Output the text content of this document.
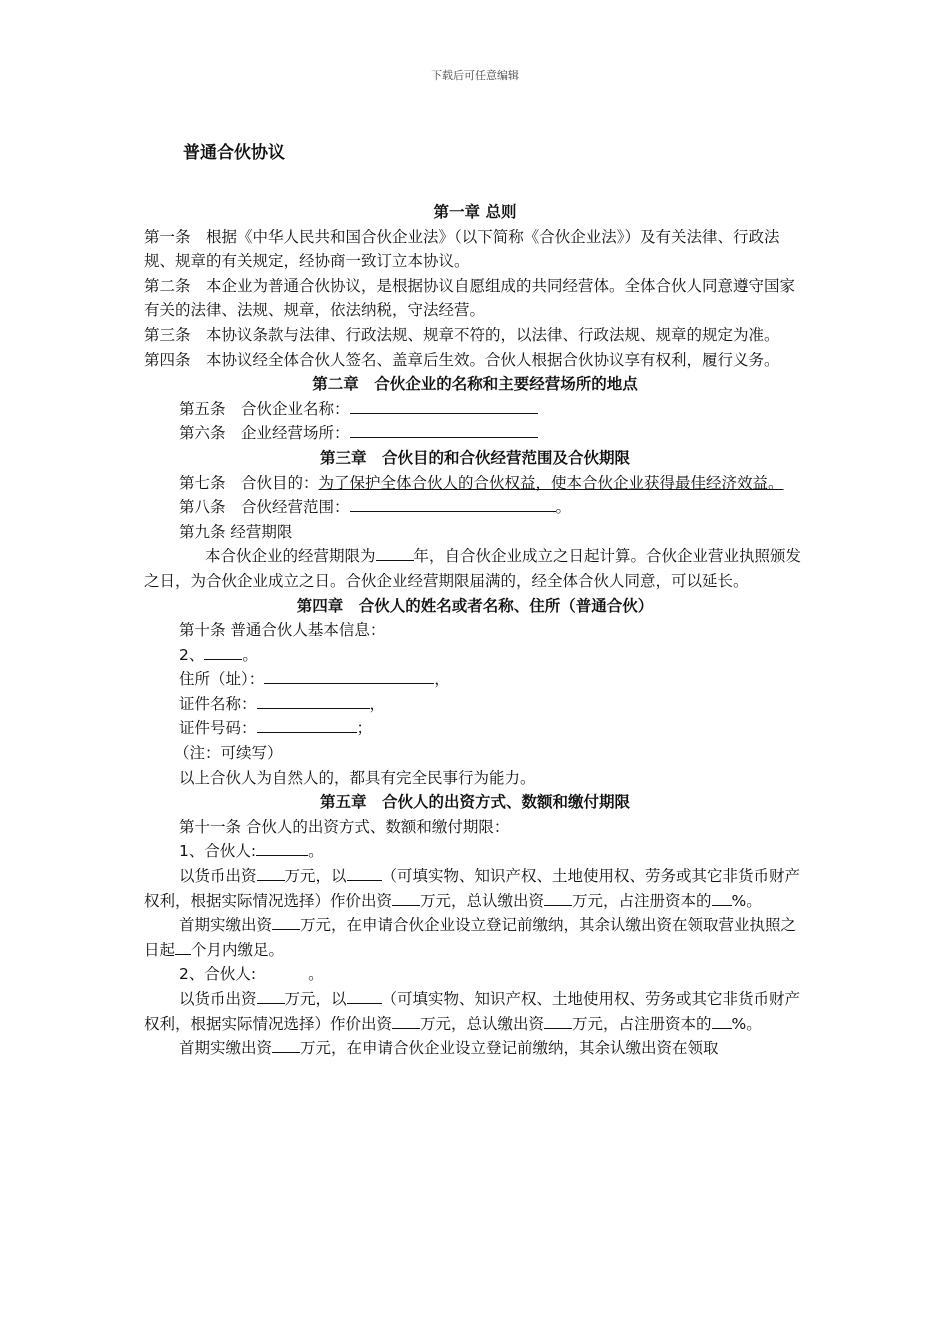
下载后可任意编辑
普通合伙协议

第一章 总则

第一条　根据《中华人民共和国合伙企业法》（以下简称《合伙企业法》）及有关法律、行政法规、规章的有关规定，经协商一致订立本协议。

第二条　本企业为普通合伙协议，是根据协议自愿组成的共同经营体。全体合伙人同意遵守国家有关的法律、法规、规章，依法纳税，守法经营。

第三条　本协议条款与法律、行政法规、规章不符的，以法律、行政法规、规章的规定为准。

第四条　本协议经全体合伙人签名、盖章后生效。合伙人根据合伙协议享有权利，履行义务。

第二章　合伙企业的名称和主要经营场所的地点

第五条　合伙企业名称：

第六条　企业经营场所：

第三章　合伙目的和合伙经营范围及合伙期限

第七条　合伙目的：为了保护全体合伙人的合伙权益，使本合伙企业获得最佳经济效益。

第八条　合伙经营范围：	。

第九条 经营期限

本合伙企业的经营期限为 年，自合伙企业成立之日起计算。合伙企业营业执照颁发之日，为合伙企业成立之日。合伙企业经营期限届满的，经全体合伙人同意，可以延长。

第四章　合伙人的姓名或者名称、住所（普通合伙）

第十条 普通合伙人基本信息：

2、 。

住所（址）：	，

证件名称：	，

证件号码：	；

（注：可续写）

以上合伙人为自然人的，都具有完全民事行为能力。

第五章　合伙人的出资方式、数额和缴付期限

第十一条 合伙人的出资方式、数额和缴付期限：

1、合伙人:	。

以货币出资 万元，以 （可填实物、知识产权、土地使用权、劳务或其它非货币财产权利，根据实际情况选择）作价出资 万元，总认缴出资 万元，占注册资本的 %。

首期实缴出资 万元，在申请合伙企业设立登记前缴纳，其余认缴出资在领取营业执照之日起 个月内缴足。

2、合伙人:	。

以货币出资 万元，以 （可填实物、知识产权、土地使用权、劳务或其它非货币财产权利，根据实际情况选择）作价出资 万元，总认缴出资 万元，占注册资本的 %。

首期实缴出资 万元，在申请合伙企业设立登记前缴纳，其余认缴出资在领取
